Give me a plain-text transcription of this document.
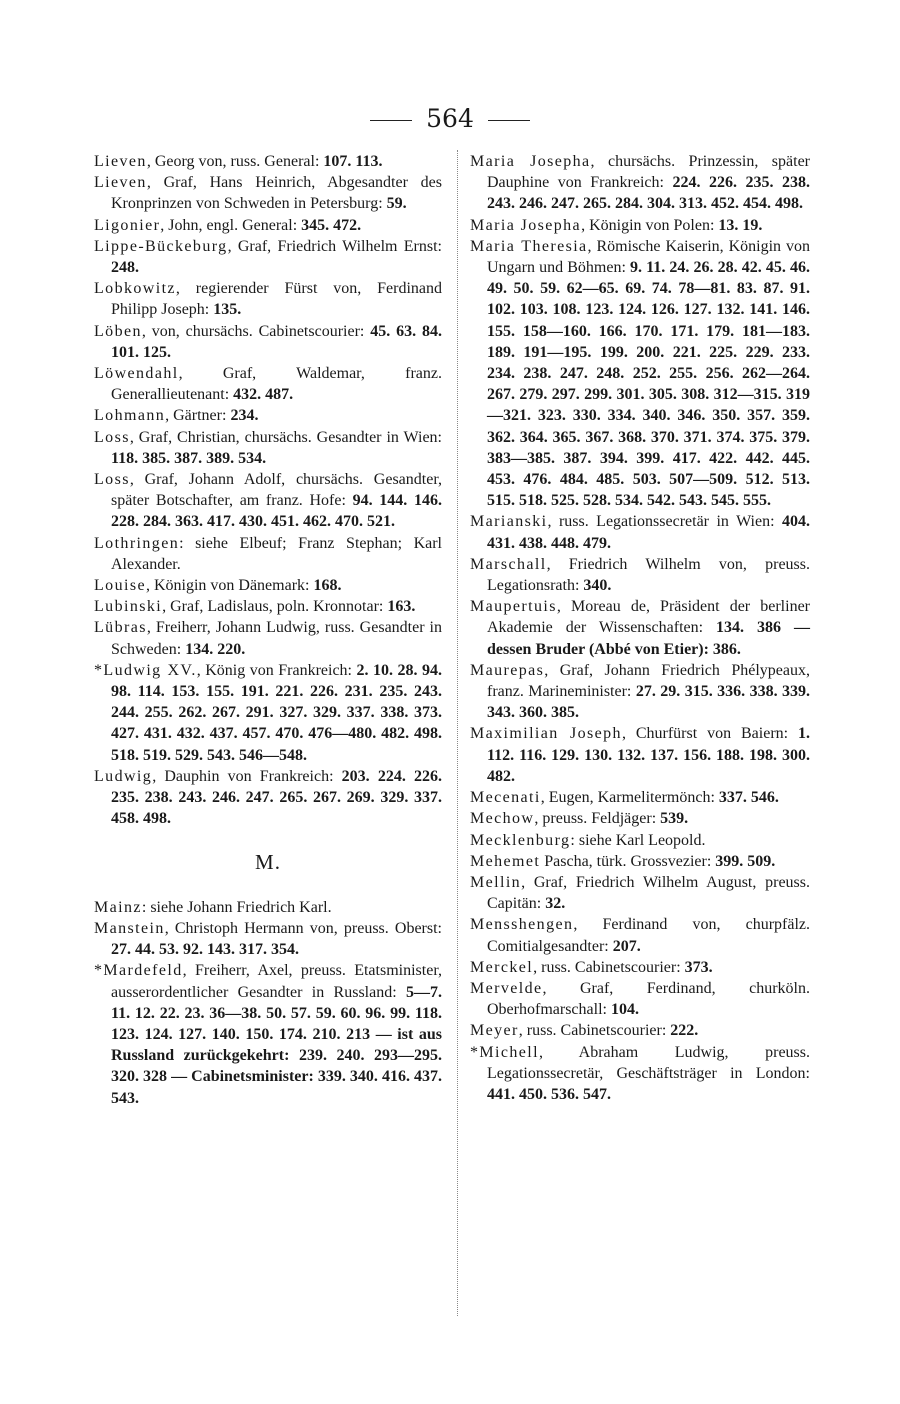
564

Lieven, Georg von, russ. General: 107. 113.

Lieven, Graf, Hans Heinrich, Abgesandter des Kronprinzen von Schweden in Petersburg: 59.

Ligonier, John, engl. General: 345. 472.

Lippe-Bückeburg, Graf, Friedrich Wilhelm Ernst: 248.

Lobkowitz, regierender Fürst von, Ferdinand Philipp Joseph: 135.

Löben, von, chursächs. Cabinetscourier: 45. 63. 84. 101. 125.

Löwendahl, Graf, Waldemar, franz. Generallieutenant: 432. 487.

Lohmann, Gärtner: 234.

Loss, Graf, Christian, chursächs. Gesandter in Wien: 118. 385. 387. 389. 534.

Loss, Graf, Johann Adolf, chursächs. Gesandter, später Botschafter, am franz. Hofe: 94. 144. 146. 228. 284. 363. 417. 430. 451. 462. 470. 521.

Lothringen: siehe Elbeuf; Franz Stephan; Karl Alexander.

Louise, Königin von Dänemark: 168.

Lubinski, Graf, Ladislaus, poln. Kronnotar: 163.

Lübras, Freiherr, Johann Ludwig, russ. Gesandter in Schweden: 134. 220.

*Ludwig XV., König von Frankreich: 2. 10. 28. 94. 98. 114. 153. 155. 191. 221. 226. 231. 235. 243. 244. 255. 262. 267. 291. 327. 329. 337. 338. 373. 427. 431. 432. 437. 457. 470. 476—480. 482. 498. 518. 519. 529. 543. 546—548.

Ludwig, Dauphin von Frankreich: 203. 224. 226. 235. 238. 243. 246. 247. 265. 267. 269. 329. 337. 458. 498.

M.

Mainz: siehe Johann Friedrich Karl.

Manstein, Christoph Hermann von, preuss. Oberst: 27. 44. 53. 92. 143. 317. 354.

*Mardefeld, Freiherr, Axel, preuss. Etatsminister, ausserordentlicher Gesandter in Russland: 5—7. 11. 12. 22. 23. 36—38. 50. 57. 59. 60. 96. 99. 118. 123. 124. 127. 140. 150. 174. 210. 213 — ist aus Russland zurückgekehrt: 239. 240. 293—295. 320. 328 — Cabinetsminister: 339. 340. 416. 437. 543.

Maria Josepha, chursächs. Prinzessin, später Dauphine von Frankreich: 224. 226. 235. 238. 243. 246. 247. 265. 284. 304. 313. 452. 454. 498.

Maria Josepha, Königin von Polen: 13. 19.

Maria Theresia, Römische Kaiserin, Königin von Ungarn und Böhmen: 9. 11. 24. 26. 28. 42. 45. 46. 49. 50. 59. 62—65. 69. 74. 78—81. 83. 87. 91. 102. 103. 108. 123. 124. 126. 127. 132. 141. 146. 155. 158—160. 166. 170. 171. 179. 181—183. 189. 191—195. 199. 200. 221. 225. 229. 233. 234. 238. 247. 248. 252. 255. 256. 262—264. 267. 279. 297. 299. 301. 305. 308. 312—315. 319—321. 323. 330. 334. 340. 346. 350. 357. 359. 362. 364. 365. 367. 368. 370. 371. 374. 375. 379. 383—385. 387. 394. 399. 417. 422. 442. 445. 453. 476. 484. 485. 503. 507—509. 512. 513. 515. 518. 525. 528. 534. 542. 543. 545. 555.

Marianski, russ. Legationssecretär in Wien: 404. 431. 438. 448. 479.

Marschall, Friedrich Wilhelm von, preuss. Legationsrath: 340.

Maupertuis, Moreau de, Präsident der berliner Akademie der Wissenschaften: 134. 386 — dessen Bruder (Abbé von Etier): 386.

Maurepas, Graf, Johann Friedrich Phélypeaux, franz. Marineminister: 27. 29. 315. 336. 338. 339. 343. 360. 385.

Maximilian Joseph, Churfürst von Baiern: 1. 112. 116. 129. 130. 132. 137. 156. 188. 198. 300. 482.

Mecenati, Eugen, Karmelitermönch: 337. 546.

Mechow, preuss. Feldjäger: 539.

Mecklenburg: siehe Karl Leopold.

Mehemet Pascha, türk. Grossvezier: 399. 509.

Mellin, Graf, Friedrich Wilhelm August, preuss. Capitän: 32.

Mensshengen, Ferdinand von, churpfälz. Comitialgesandter: 207.

Merckel, russ. Cabinetscourier: 373.

Mervelde, Graf, Ferdinand, churköln. Oberhofmarschall: 104.

Meyer, russ. Cabinetscourier: 222.

*Michell, Abraham Ludwig, preuss. Legationssecretär, Geschäftsträger in London: 441. 450. 536. 547.
